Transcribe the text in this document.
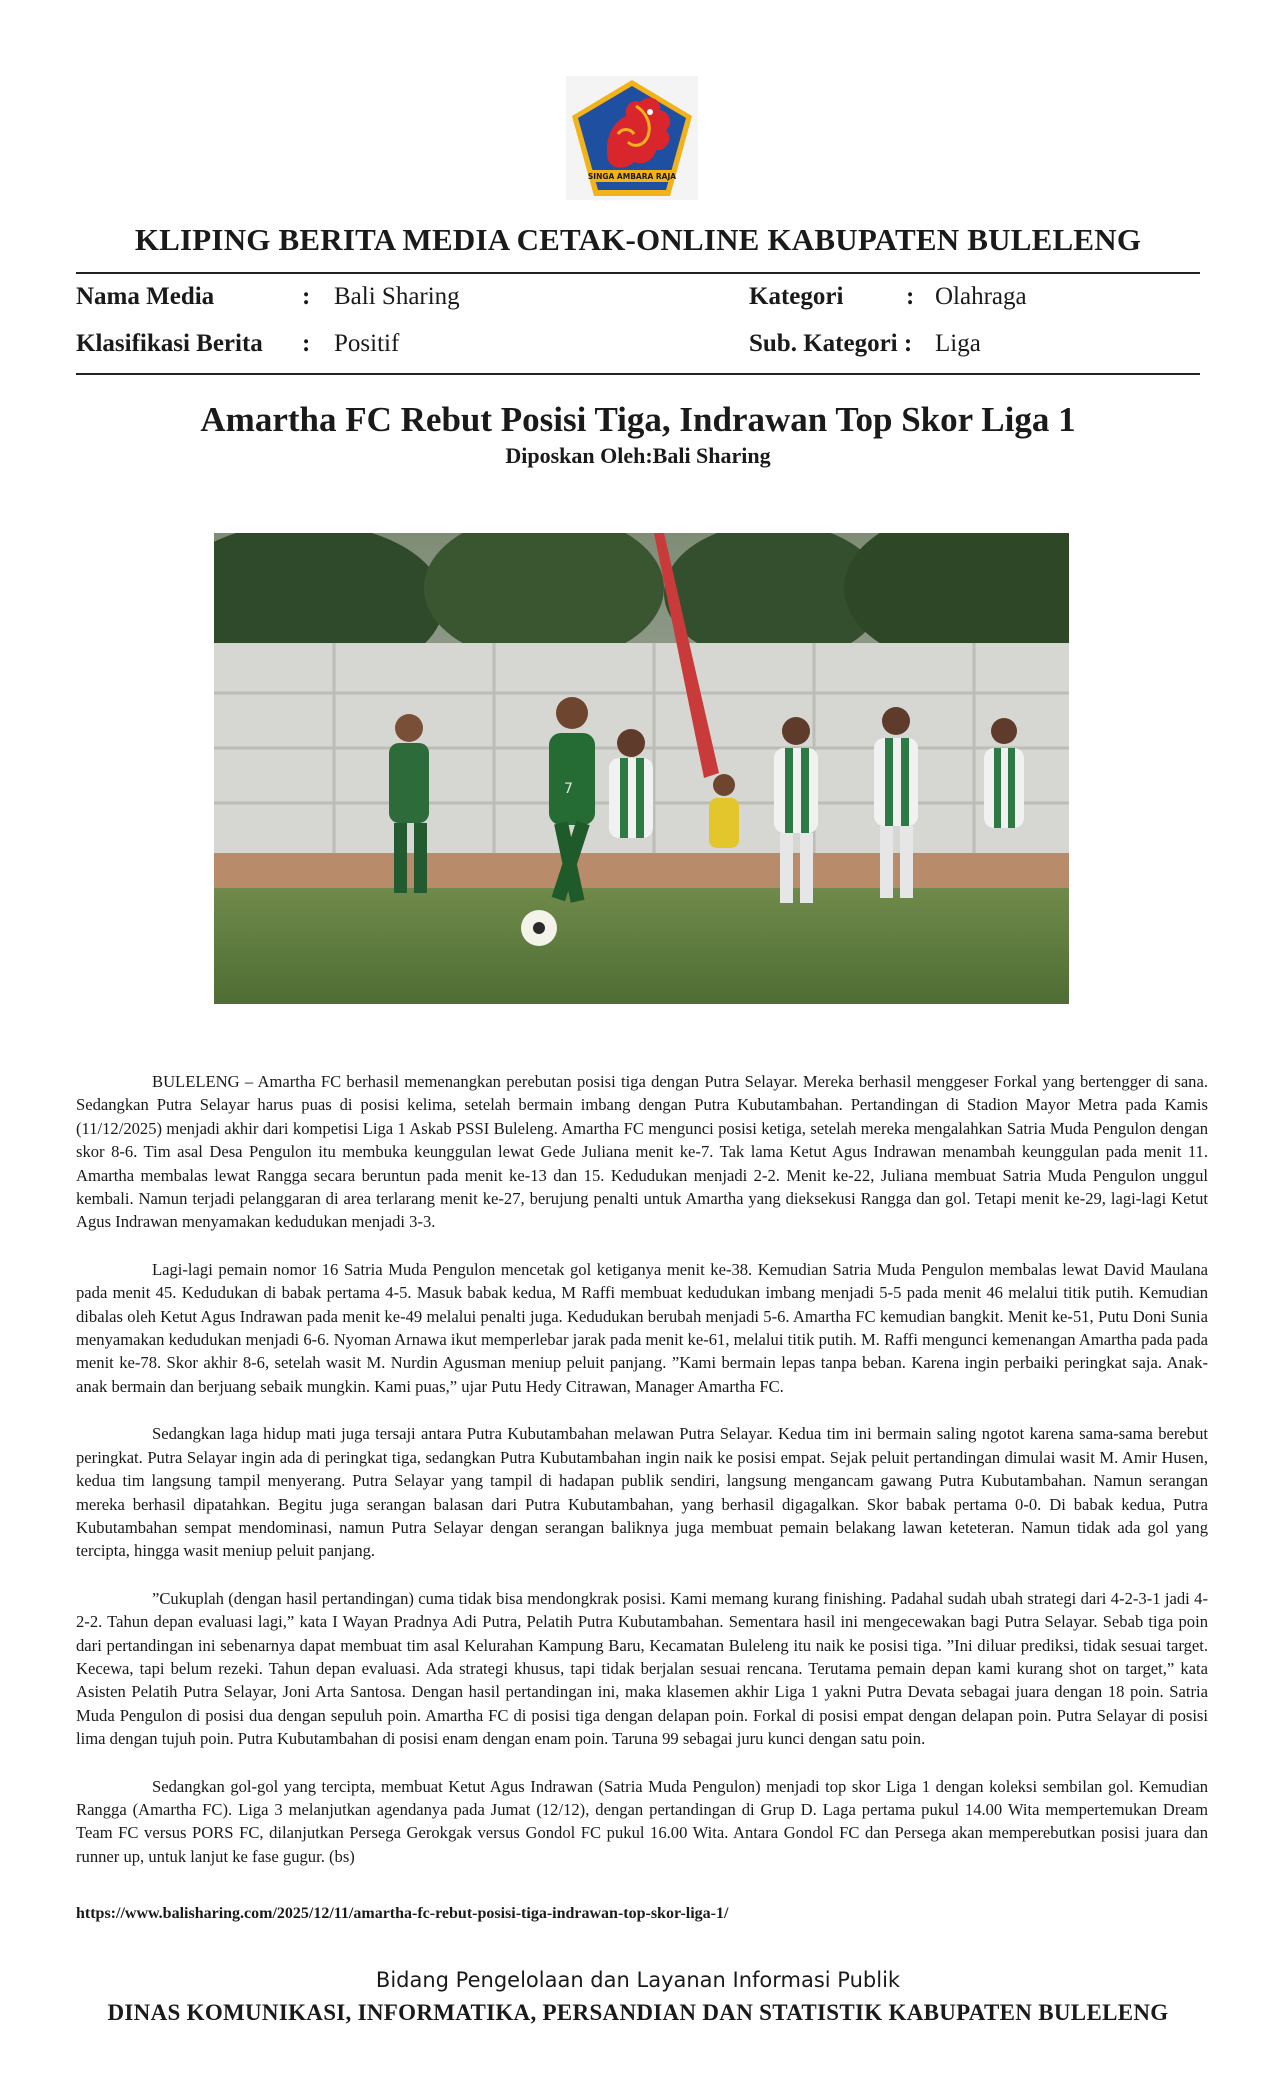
SINGA AMBARA RAJA
KLIPING BERITA MEDIA CETAK-ONLINE KABUPATEN BULELENG
Nama Media	: Bali Sharing	Kategori	: Olahraga
Klasifikasi Berita : Positif	Sub. Kategori : Liga
Amartha FC Rebut Posisi Tiga, Indrawan Top Skor Liga 1
Diposkan Oleh:Bali Sharing
7

BULELENG – Amartha FC berhasil memenangkan perebutan posisi tiga dengan Putra Selayar. Mereka berhasil menggeser Forkal yang bertengger di sana. Sedangkan Putra Selayar harus puas di posisi kelima, setelah bermain imbang dengan Putra Kubutambahan. Pertandingan di Stadion Mayor Metra pada Kamis (11/12/2025) menjadi akhir dari kompetisi Liga 1 Askab PSSI Buleleng. Amartha FC mengunci posisi ketiga, setelah mereka mengalahkan Satria Muda Pengulon dengan skor 8-6. Tim asal Desa Pengulon itu membuka keunggulan lewat Gede Juliana menit ke-7. Tak lama Ketut Agus Indrawan menambah keunggulan pada menit 11. Amartha membalas lewat Rangga secara beruntun pada menit ke-13 dan 15. Kedudukan menjadi 2-2. Menit ke-22, Juliana membuat Satria Muda Pengulon unggul kembali. Namun terjadi pelanggaran di area terlarang menit ke-27, berujung penalti untuk Amartha yang dieksekusi Rangga dan gol. Tetapi menit ke-29, lagi-lagi Ketut Agus Indrawan menyamakan kedudukan menjadi 3-3.

Lagi-lagi pemain nomor 16 Satria Muda Pengulon mencetak gol ketiganya menit ke-38. Kemudian Satria Muda Pengulon membalas lewat David Maulana pada menit 45. Kedudukan di babak pertama 4-5. Masuk babak kedua, M Raffi membuat kedudukan imbang menjadi 5-5 pada menit 46 melalui titik putih. Kemudian dibalas oleh Ketut Agus Indrawan pada menit ke-49 melalui penalti juga. Kedudukan berubah menjadi 5-6. Amartha FC kemudian bangkit. Menit ke-51, Putu Doni Sunia menyamakan kedudukan menjadi 6-6. Nyoman Arnawa ikut memperlebar jarak pada menit ke-61, melalui titik putih. M. Raffi mengunci kemenangan Amartha pada pada menit ke-78. Skor akhir 8-6, setelah wasit M. Nurdin Agusman meniup peluit panjang. ”Kami bermain lepas tanpa beban. Karena ingin perbaiki peringkat saja. Anak-anak bermain dan berjuang sebaik mungkin. Kami puas,” ujar Putu Hedy Citrawan, Manager Amartha FC.

Sedangkan laga hidup mati juga tersaji antara Putra Kubutambahan melawan Putra Selayar. Kedua tim ini bermain saling ngotot karena sama-sama berebut peringkat. Putra Selayar ingin ada di peringkat tiga, sedangkan Putra Kubutambahan ingin naik ke posisi empat. Sejak peluit pertandingan dimulai wasit M. Amir Husen, kedua tim langsung tampil menyerang. Putra Selayar yang tampil di hadapan publik sendiri, langsung mengancam gawang Putra Kubutambahan. Namun serangan mereka berhasil dipatahkan. Begitu juga serangan balasan dari Putra Kubutambahan, yang berhasil digagalkan. Skor babak pertama 0-0. Di babak kedua, Putra Kubutambahan sempat mendominasi, namun Putra Selayar dengan serangan baliknya juga membuat pemain belakang lawan keteteran. Namun tidak ada gol yang tercipta, hingga wasit meniup peluit panjang.

”Cukuplah (dengan hasil pertandingan) cuma tidak bisa mendongkrak posisi. Kami memang kurang finishing. Padahal sudah ubah strategi dari 4-2-3-1 jadi 4-2-2. Tahun depan evaluasi lagi,” kata I Wayan Pradnya Adi Putra, Pelatih Putra Kubutambahan. Sementara hasil ini mengecewakan bagi Putra Selayar. Sebab tiga poin dari pertandingan ini sebenarnya dapat membuat tim asal Kelurahan Kampung Baru, Kecamatan Buleleng itu naik ke posisi tiga. ”Ini diluar prediksi, tidak sesuai target. Kecewa, tapi belum rezeki. Tahun depan evaluasi. Ada strategi khusus, tapi tidak berjalan sesuai rencana. Terutama pemain depan kami kurang shot on target,” kata Asisten Pelatih Putra Selayar, Joni Arta Santosa. Dengan hasil pertandingan ini, maka klasemen akhir Liga 1 yakni Putra Devata sebagai juara dengan 18 poin. Satria Muda Pengulon di posisi dua dengan sepuluh poin. Amartha FC di posisi tiga dengan delapan poin. Forkal di posisi empat dengan delapan poin. Putra Selayar di posisi lima dengan tujuh poin. Putra Kubutambahan di posisi enam dengan enam poin. Taruna 99 sebagai juru kunci dengan satu poin.

Sedangkan gol-gol yang tercipta, membuat Ketut Agus Indrawan (Satria Muda Pengulon) menjadi top skor Liga 1 dengan koleksi sembilan gol. Kemudian Rangga (Amartha FC). Liga 3 melanjutkan agendanya pada Jumat (12/12), dengan pertandingan di Grup D. Laga pertama pukul 14.00 Wita mempertemukan Dream Team FC versus PORS FC, dilanjutkan Persega Gerokgak versus Gondol FC pukul 16.00 Wita. Antara Gondol FC dan Persega akan memperebutkan posisi juara dan runner up, untuk lanjut ke fase gugur. (bs)

https://www.balisharing.com/2025/12/11/amartha-fc-rebut-posisi-tiga-indrawan-top-skor-liga-1/
Bidang Pengelolaan dan Layanan Informasi Publik
DINAS KOMUNIKASI, INFORMATIKA, PERSANDIAN DAN STATISTIK KABUPATEN BULELENG
